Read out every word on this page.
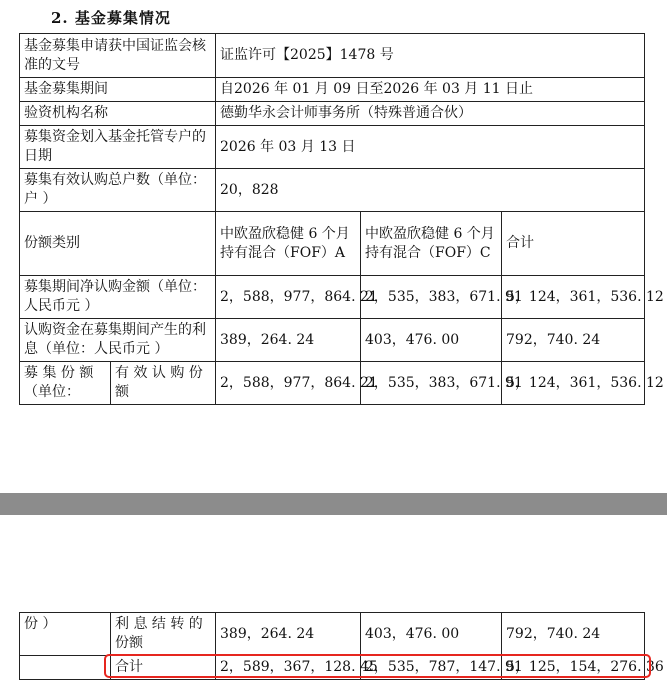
2. 基金募集情况
基金募集申请获中国证监会核准的文号		证监许可【2025】1478 号		
基金募集期间		自2026 年 01 月 09 日至2026 年 03 月 11 日止		
验资机构名称		德勤华永会计师事务所（特殊普通合伙）		
募集资金划入基金托管专户的日期		2026 年 03 月 13 日		
募集有效认购总户数（单位：户 ）		20，828		
份额类别		中欧盈欣稳健 6 个月持有混合（FOF）A	中欧盈欣稳健 6 个月持有混合（FOF）C	合计
募集期间净认购金额（单位：人民币元 ）		2，588，977，864. 21	2，535，383，671. 91	5，124，361，536. 12
认购资金在募集期间产生的利息（单位：人民币元 ）		389，264. 24	403，476. 00	792，740. 24
募 集 份 额 （单位：	有 效 认 购 份额	2，588，977，864. 21	2，535，383，671. 91	5，124，361，536. 12
份 ）	利 息 结 转 的份额	389，264. 24	403，476. 00	792，740. 24
	合计	2，589，367，128. 45	2，535，787，147. 91	5，125，154，276. 36
